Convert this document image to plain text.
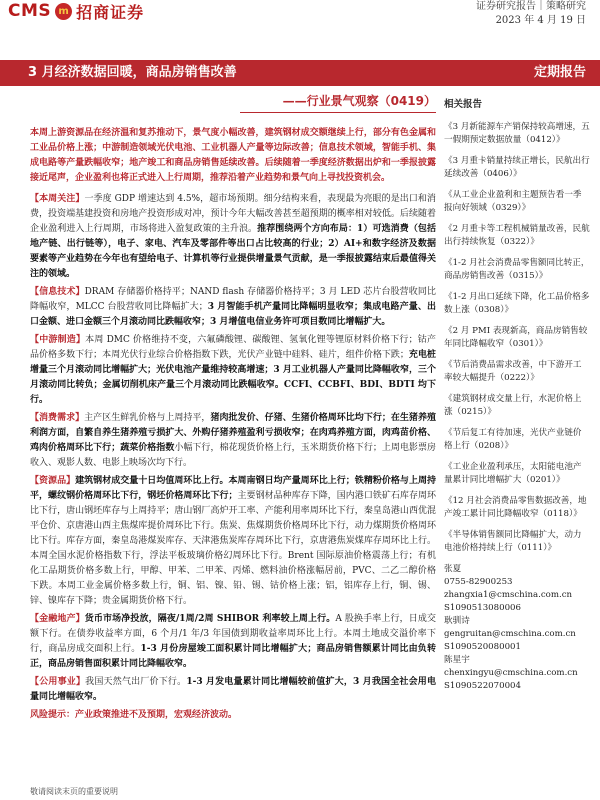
CMS m 招商证券	证券研究报告｜策略研究
2023 年 4 月 19 日
3 月经济数据回暖，商品房销售改善	定期报告
——行业景气观察（0419）

本周上游资源品在经济温和复苏推动下，景气度小幅改善，建筑钢材成交额继续上行，部分有色金属和工业品价格上涨；中游制造领域光伏电池、工业机器人产量等边际改善；信息技术领域，智能手机、集成电路等产量跌幅收窄；地产竣工和商品房销售延续改善。后续随着一季度经济数据出炉和一季报披露接近尾声，企业盈利也将正式进入上行周期，推荐沿着产业趋势和景气向上寻找投资机会。

【本周关注】一季度 GDP 增速达到 4.5%，超市场预期。细分结构来看，表现最为亮眼的是出口和消费，投资端基建投资和房地产投资形成对冲，预计今年大幅改善甚至超预期的概率相对较低。后续随着企业盈利进入上行周期，市场将进入盈复政策的主升浪。推荐围绕两个方向布局：1）可选消费（包括地产链、出行链等），电子、家电、汽车及零部件等出口占比较高的行业；2）AI+和数字经济及数据要素等产业趋势在今年也有望给电子、计算机等行业提供增量景气贡献，是一季报披露结束后最值得关注的领域。

【信息技术】DRAM 存储器价格持平；NAND flash 存储器价格持平；3 月 LED 芯片台股营收同比降幅收窄，MLCC 台股营收同比降幅扩大；3 月智能手机产量同比降幅明显收窄；集成电路产量、出口金额、进口金额三个月滚动同比跌幅收窄；3 月增值电信业务许可项目数同比增幅扩大。

【中游制造】本周 DMC 价格维持不变，六氟磷酸锂、碳酸锂、氢氧化锂等锂原材料价格下行；钴产品价格多数下行；本周光伏行业综合价格指数下跌，光伏产业链中硅料、硅片，组件价格下跌；充电桩增量三个月滚动同比增幅扩大；光伏电池产量维持较高增速；3 月工业机器人产量同比降幅收窄，三个月滚动同比转负；金属切削机床产量三个月滚动同比跌幅收窄。CCFI、CCBFI、BDI、BDTI 均下行。

【消费需求】主产区生鲜乳价格与上周持平，猪肉批发价、仔猪、生猪价格周环比均下行；在生猪养殖利润方面，自繁自养生猪养殖亏损扩大、外购仔猪养殖盈利亏损收窄；在肉鸡养殖方面，肉鸡苗价格、鸡肉价格周环比下行；蔬菜价格指数小幅下行，棉花现货价格上行，玉米期货价格下行；上周电影票房收入、观影人数、电影上映场次均下行。

【资源品】建筑钢材成交量十日均值周环比上行。本周南钢日均产量周环比上行；铁精粉价格与上周持平，螺纹钢价格周环比下行，钢坯价格周环比下行；主要钢材品种库存下降，国内港口铁矿石库存周环比下行，唐山钢坯库存与上周持平；唐山钢厂高炉开工率、产能利用率周环比下行，秦皇岛港山西优混平仓价、京唐港山西主焦煤库提价周环比下行。焦炭、焦煤期货价格周环比下行，动力煤期货价格周环比下行。库存方面，秦皇岛港煤炭库存、天津港焦炭库存周环比下行，京唐港焦炭煤库存周环比上行。本周全国水泥价格指数下行，浮法平板玻璃价格幻周环比下行。Brent 国际原油价格震荡上行；有机化工品期货价格多数上行，甲醇、甲苯、二甲苯、丙烯、燃料油价格涨幅居前，PVC、二乙二醇价格下跌。本周工业金属价格多数上行，铜、铝、镍、铅、锡、钴价格上涨；铝，铝库存上行，铜、锡、锌、镍库存下降；贵金属期货价格下行。

【金融地产】货币市场净投放，隔夜/1周/2周 SHIBOR 利率较上周上行。A 股换手率上行，日成交额下行。在债券收益率方面，6 个月/1 年/3 年国债到期收益率周环比上行。本周土地成交溢价率下行，商品房成交面积上行。1-3 月份房屋竣工面积累计同比增幅扩大；商品房销售额累计同比由负转正，商品房销售面积累计同比降幅收窄。

【公用事业】我国天然气出厂价下行。1-3 月发电量累计同比增幅较前值扩大，3 月我国全社会用电量同比增幅收窄。

风险提示：产业政策推进不及预期，宏观经济波动。

相关报告
《3 月新能源车产销保持较高增速，五一假期预定数据放量（0412）》
《3 月重卡销量持续正增长，民航出行延续改善（0406）》
《从工业企业盈利和主题预告看一季报向好领域（0329）》
《2 月重卡等工程机械销量改善，民航出行持续恢复（0322）》
《1-2 月社会消费品零售额同比转正，商品房销售改善（0315）》
《1-2 月出口延续下降，化工品价格多数上涨（0308）》
《2 月 PMI 表现新高，商品房销售较年同比降幅收窄（0301）》
《节后消费品需求改善，中下游开工率较大幅提升（0222）》
《建筑钢材成交量上行，水泥价格上涨（0215）》
《节后复工有待加速，光伏产业链价格上行（0208）》
《工业企业盈利承压，太阳能电池产量累计同比增幅扩大（0201）》
《12 月社会消费品零售数据改善，地产竣工累计同比降幅收窄（0118）》
《半导体销售额同比降幅扩大，动力电池价格持续上行（0111）》
张夏
0755-82900253
zhangxia1@cmschina.com.cn
S1090513080006
耿驯诗
gengruitan@cmschina.com.cn
S1090520080001
陈星宇
chenxingyu@cmschina.com.cn
S1090522070004
敬请阅读末页的重要说明
